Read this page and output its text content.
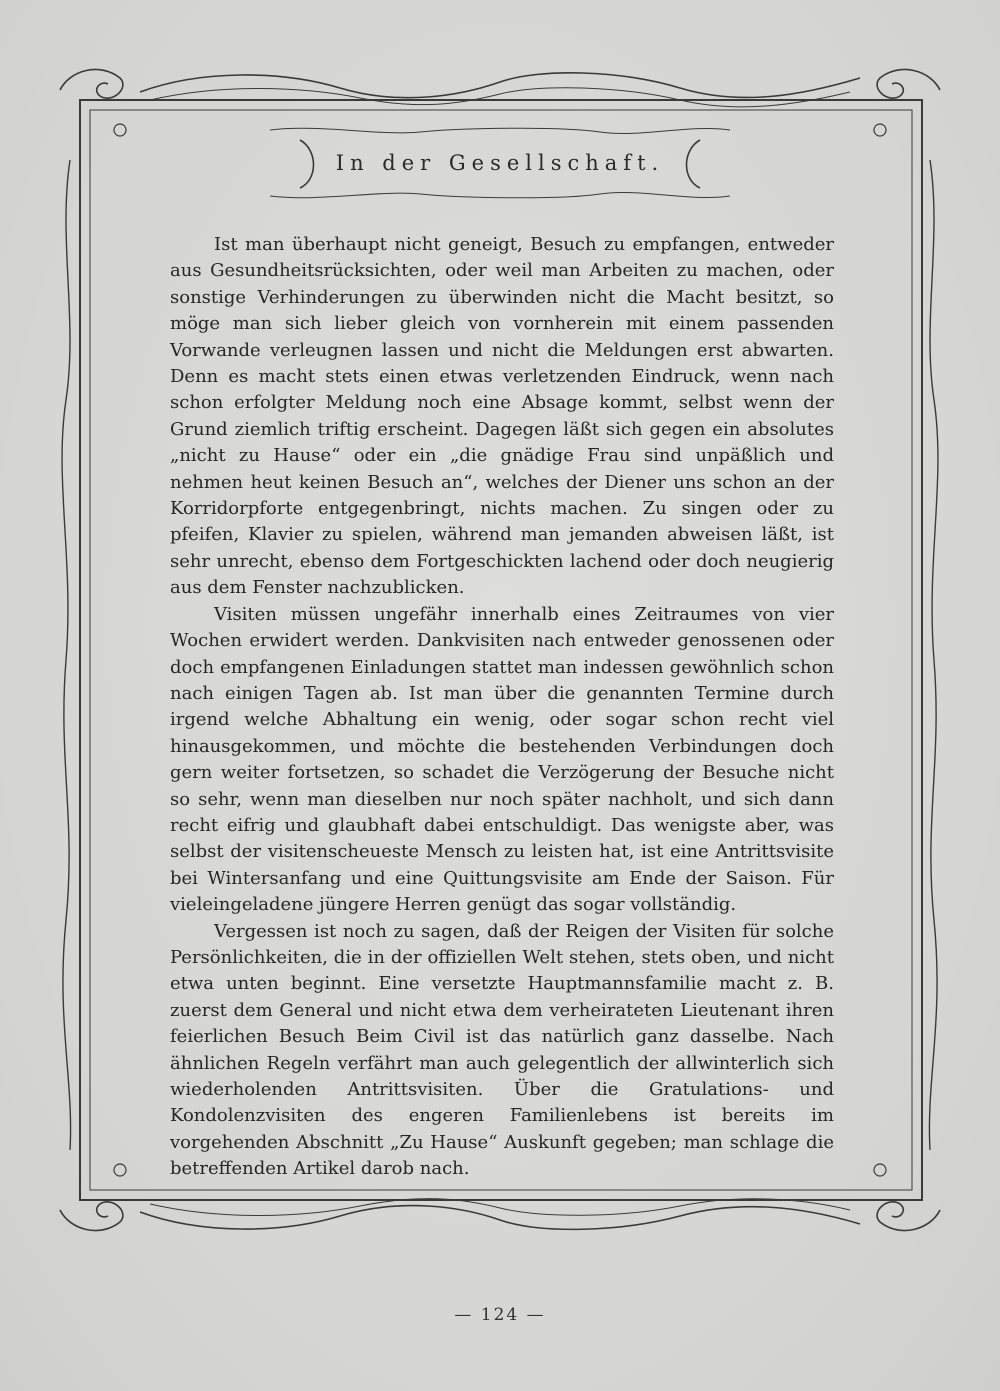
In der Gesellschaft.

Ist man überhaupt nicht geneigt, Besuch zu empfangen, entweder aus Gesundheitsrücksichten, oder weil man Arbeiten zu machen, oder sonstige Verhinderungen zu überwinden nicht die Macht besitzt, so möge man sich lieber gleich von vornherein mit einem passenden Vorwande verleugnen lassen und nicht die Meldungen erst abwarten. Denn es macht stets einen etwas verletzenden Eindruck, wenn nach schon erfolgter Meldung noch eine Absage kommt, selbst wenn der Grund ziemlich triftig erscheint. Dagegen läßt sich gegen ein absolutes „nicht zu Hause“ oder ein „die gnädige Frau sind unpäßlich und nehmen heut keinen Besuch an“, welches der Diener uns schon an der Korridorpforte entgegenbringt, nichts machen. Zu singen oder zu pfeifen, Klavier zu spielen, während man jemanden abweisen läßt, ist sehr unrecht, ebenso dem Fortgeschickten lachend oder doch neugierig aus dem Fenster nachzublicken.

Visiten müssen ungefähr innerhalb eines Zeitraumes von vier Wochen erwidert werden. Dankvisiten nach entweder genossenen oder doch empfangenen Einladungen stattet man indessen gewöhnlich schon nach einigen Tagen ab. Ist man über die genannten Termine durch irgend welche Abhaltung ein wenig, oder sogar schon recht viel hinausgekommen, und möchte die bestehenden Verbindungen doch gern weiter fortsetzen, so schadet die Verzögerung der Besuche nicht so sehr, wenn man dieselben nur noch später nachholt, und sich dann recht eifrig und glaubhaft dabei entschuldigt. Das wenigste aber, was selbst der visitenscheueste Mensch zu leisten hat, ist eine Antrittsvisite bei Wintersanfang und eine Quittungsvisite am Ende der Saison. Für vieleingeladene jüngere Herren genügt das sogar vollständig.

Vergessen ist noch zu sagen, daß der Reigen der Visiten für solche Persönlichkeiten, die in der offiziellen Welt stehen, stets oben, und nicht etwa unten beginnt. Eine versetzte Hauptmannsfamilie macht z. B. zuerst dem General und nicht etwa dem verheirateten Lieutenant ihren feierlichen Besuch Beim Civil ist das natürlich ganz dasselbe. Nach ähnlichen Regeln verfährt man auch gelegentlich der allwinterlich sich wiederholenden Antrittsvisiten. Über die Gratulations- und Kondolenzvisiten des engeren Familienlebens ist bereits im vorgehenden Abschnitt „Zu Hause“ Auskunft gegeben; man schlage die betreffenden Artikel darob nach.

— 124 —
